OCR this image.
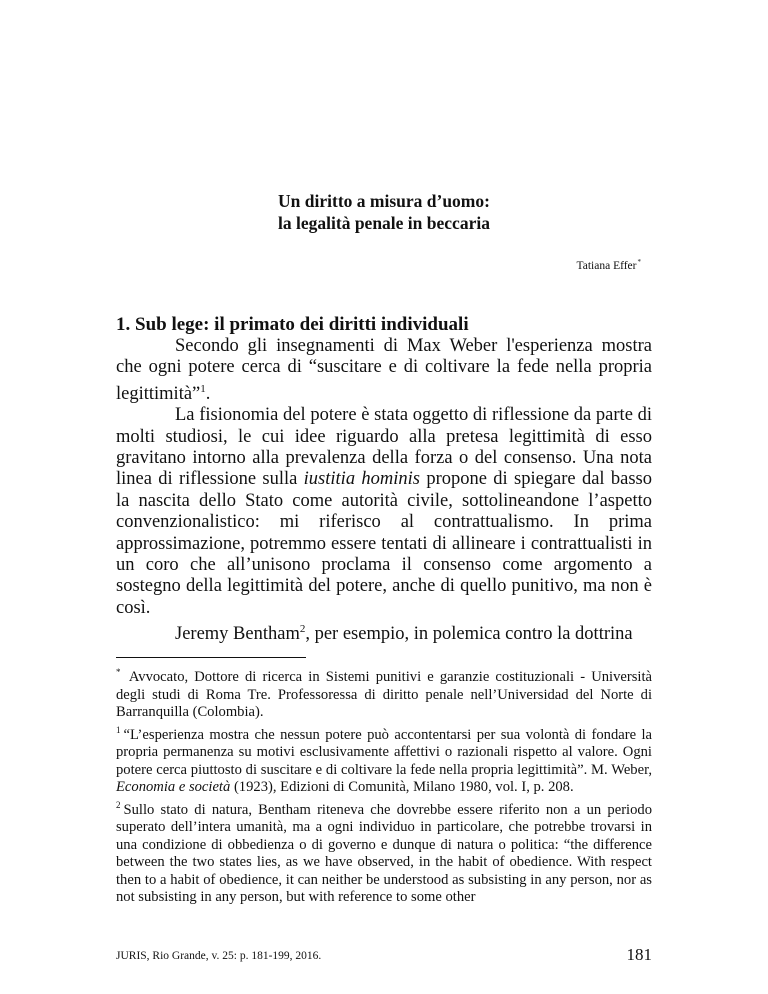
Un diritto a misura d’uomo:
la legalità penale in beccaria
Tatiana Effer*
1. Sub lege: il primato dei diritti individuali

Secondo gli insegnamenti di Max Weber l'esperienza mostra che ogni potere cerca di “suscitare e di coltivare la fede nella propria legittimità”$^1$.

La fisionomia del potere è stata oggetto di riflessione da parte di molti studiosi, le cui idee riguardo alla pretesa legittimità di esso gravitano intorno alla prevalenza della forza o del consenso. Una nota linea di riflessione sulla iustitia hominis propone di spiegare dal basso la nascita dello Stato come autorità civile, sottolineandone l’aspetto convenzionalistico: mi riferisco al contrattualismo. In prima approssimazione, potremmo essere tentati di allineare i contrattualisti in un coro che all’unisono proclama il consenso come argomento a sostegno della legittimità del potere, anche di quello punitivo, ma non è così.

Jeremy Bentham$^2$, per esempio, in polemica contro la dottrina

* Avvocato, Dottore di ricerca in Sistemi punitivi e garanzie costituzionali - Università degli studi di Roma Tre. Professoressa di diritto penale nell’Universidad del Norte di Barranquilla (Colombia).

$^1$ “L’esperienza mostra che nessun potere può accontentarsi per sua volontà di fondare la propria permanenza su motivi esclusivamente affettivi o razionali rispetto al valore. Ogni potere cerca piuttosto di suscitare e di coltivare la fede nella propria legittimità”. M. Weber, Economia e società (1923), Edizioni di Comunità, Milano 1980, vol. I, p. 208.

$^2$ Sullo stato di natura, Bentham riteneva che dovrebbe essere riferito non a un periodo superato dell’intera umanità, ma a ogni individuo in particolare, che potrebbe trovarsi in una condizione di obbedienza o di governo e dunque di natura o politica: “the difference between the two states lies, as we have observed, in the habit of obedience. With respect then to a habit of obedience, it can neither be understood as subsisting in any person, nor as not subsisting in any person, but with reference to some other

JURIS, Rio Grande, v. 25: p. 181-199, 2016.	181
